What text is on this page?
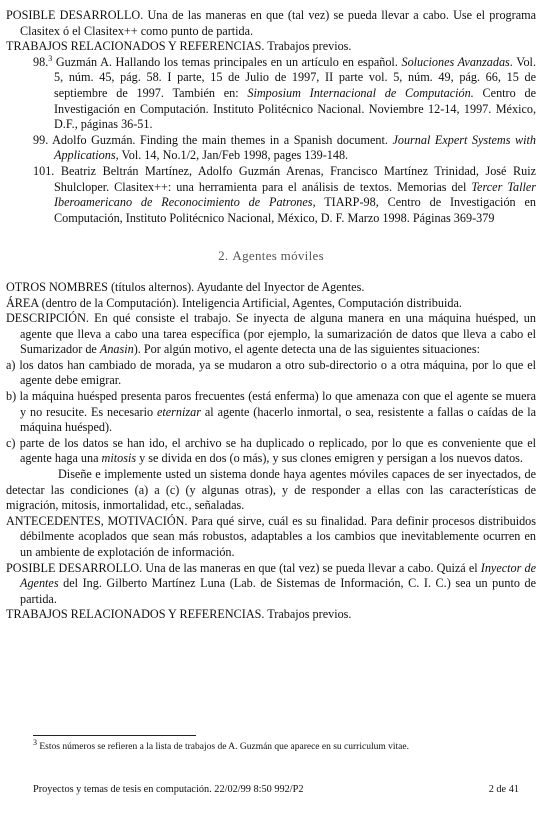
POSIBLE DESARROLLO. Una de las maneras en que (tal vez) se pueda llevar a cabo. Use el programa Clasitex ó el Clasitex++ como punto de partida.

TRABAJOS RELACIONADOS Y REFERENCIAS. Trabajos previos.

98.$^3$ Guzmán A. Hallando los temas principales en un artículo en español. Soluciones Avanzadas. Vol. 5, núm. 45, pág. 58. I parte, 15 de Julio de 1997, II parte vol. 5, núm. 49, pág. 66, 15 de septiembre de 1997. También en: Simposium Internacional de Computación. Centro de Investigación en Computación. Instituto Politécnico Nacional. Noviembre 12-14, 1997. México, D.F., páginas 36-51.

99. Adolfo Guzmán. Finding the main themes in a Spanish document. Journal Expert Systems with Applications, Vol. 14, No.1/2, Jan/Feb 1998, pages 139-148.

101. Beatriz Beltrán Martínez, Adolfo Guzmán Arenas, Francisco Martínez Trinidad, José Ruiz Shulcloper. Clasitex++: una herramienta para el análisis de textos. Memorias del Tercer Taller Iberoamericano de Reconocimiento de Patrones, TIARP-98, Centro de Investigación en Computación, Instituto Politécnico Nacional, México, D. F. Marzo 1998. Páginas 369-379

2. Agentes móviles

OTROS NOMBRES (títulos alternos). Ayudante del Inyector de Agentes.

ÁREA (dentro de la Computación). Inteligencia Artificial, Agentes, Computación distribuida.

DESCRIPCIÓN. En qué consiste el trabajo. Se inyecta de alguna manera en una máquina huésped, un agente que lleva a cabo una tarea específica (por ejemplo, la sumarización de datos que lleva a cabo el Sumarizador de Anasin). Por algún motivo, el agente detecta una de las siguientes situaciones:

a) los datos han cambiado de morada, ya se mudaron a otro sub-directorio o a otra máquina, por lo que el agente debe emigrar.

b) la máquina huésped presenta paros frecuentes (está enferma) lo que amenaza con que el agente se muera y no resucite. Es necesario eternizar al agente (hacerlo inmortal, o sea, resistente a fallas o caídas de la máquina huésped).

c) parte de los datos se han ido, el archivo se ha duplicado o replicado, por lo que es conveniente que el agente haga una mitosis y se divida en dos (o más), y sus clones emigren y persigan a los nuevos datos.

Diseñe e implemente usted un sistema donde haya agentes móviles capaces de ser inyectados, de detectar las condiciones (a) a (c) (y algunas otras), y de responder a ellas con las características de migración, mitosis, inmortalidad, etc., señaladas.

ANTECEDENTES, MOTIVACIÓN. Para qué sirve, cuál es su finalidad. Para definir procesos distribuidos débilmente acoplados que sean más robustos, adaptables a los cambios que inevitablemente ocurren en un ambiente de explotación de información.

POSIBLE DESARROLLO. Una de las maneras en que (tal vez) se pueda llevar a cabo. Quizá el Inyector de Agentes del Ing. Gilberto Martínez Luna (Lab. de Sistemas de Información, C. I. C.) sea un punto de partida.

TRABAJOS RELACIONADOS Y REFERENCIAS. Trabajos previos.

$^3$ Estos números se refieren a la lista de trabajos de A. Guzmán que aparece en su curriculum vitae.
Proyectos y temas de tesis en computación. 22/02/99 8:50 992/P2	2 de 41
